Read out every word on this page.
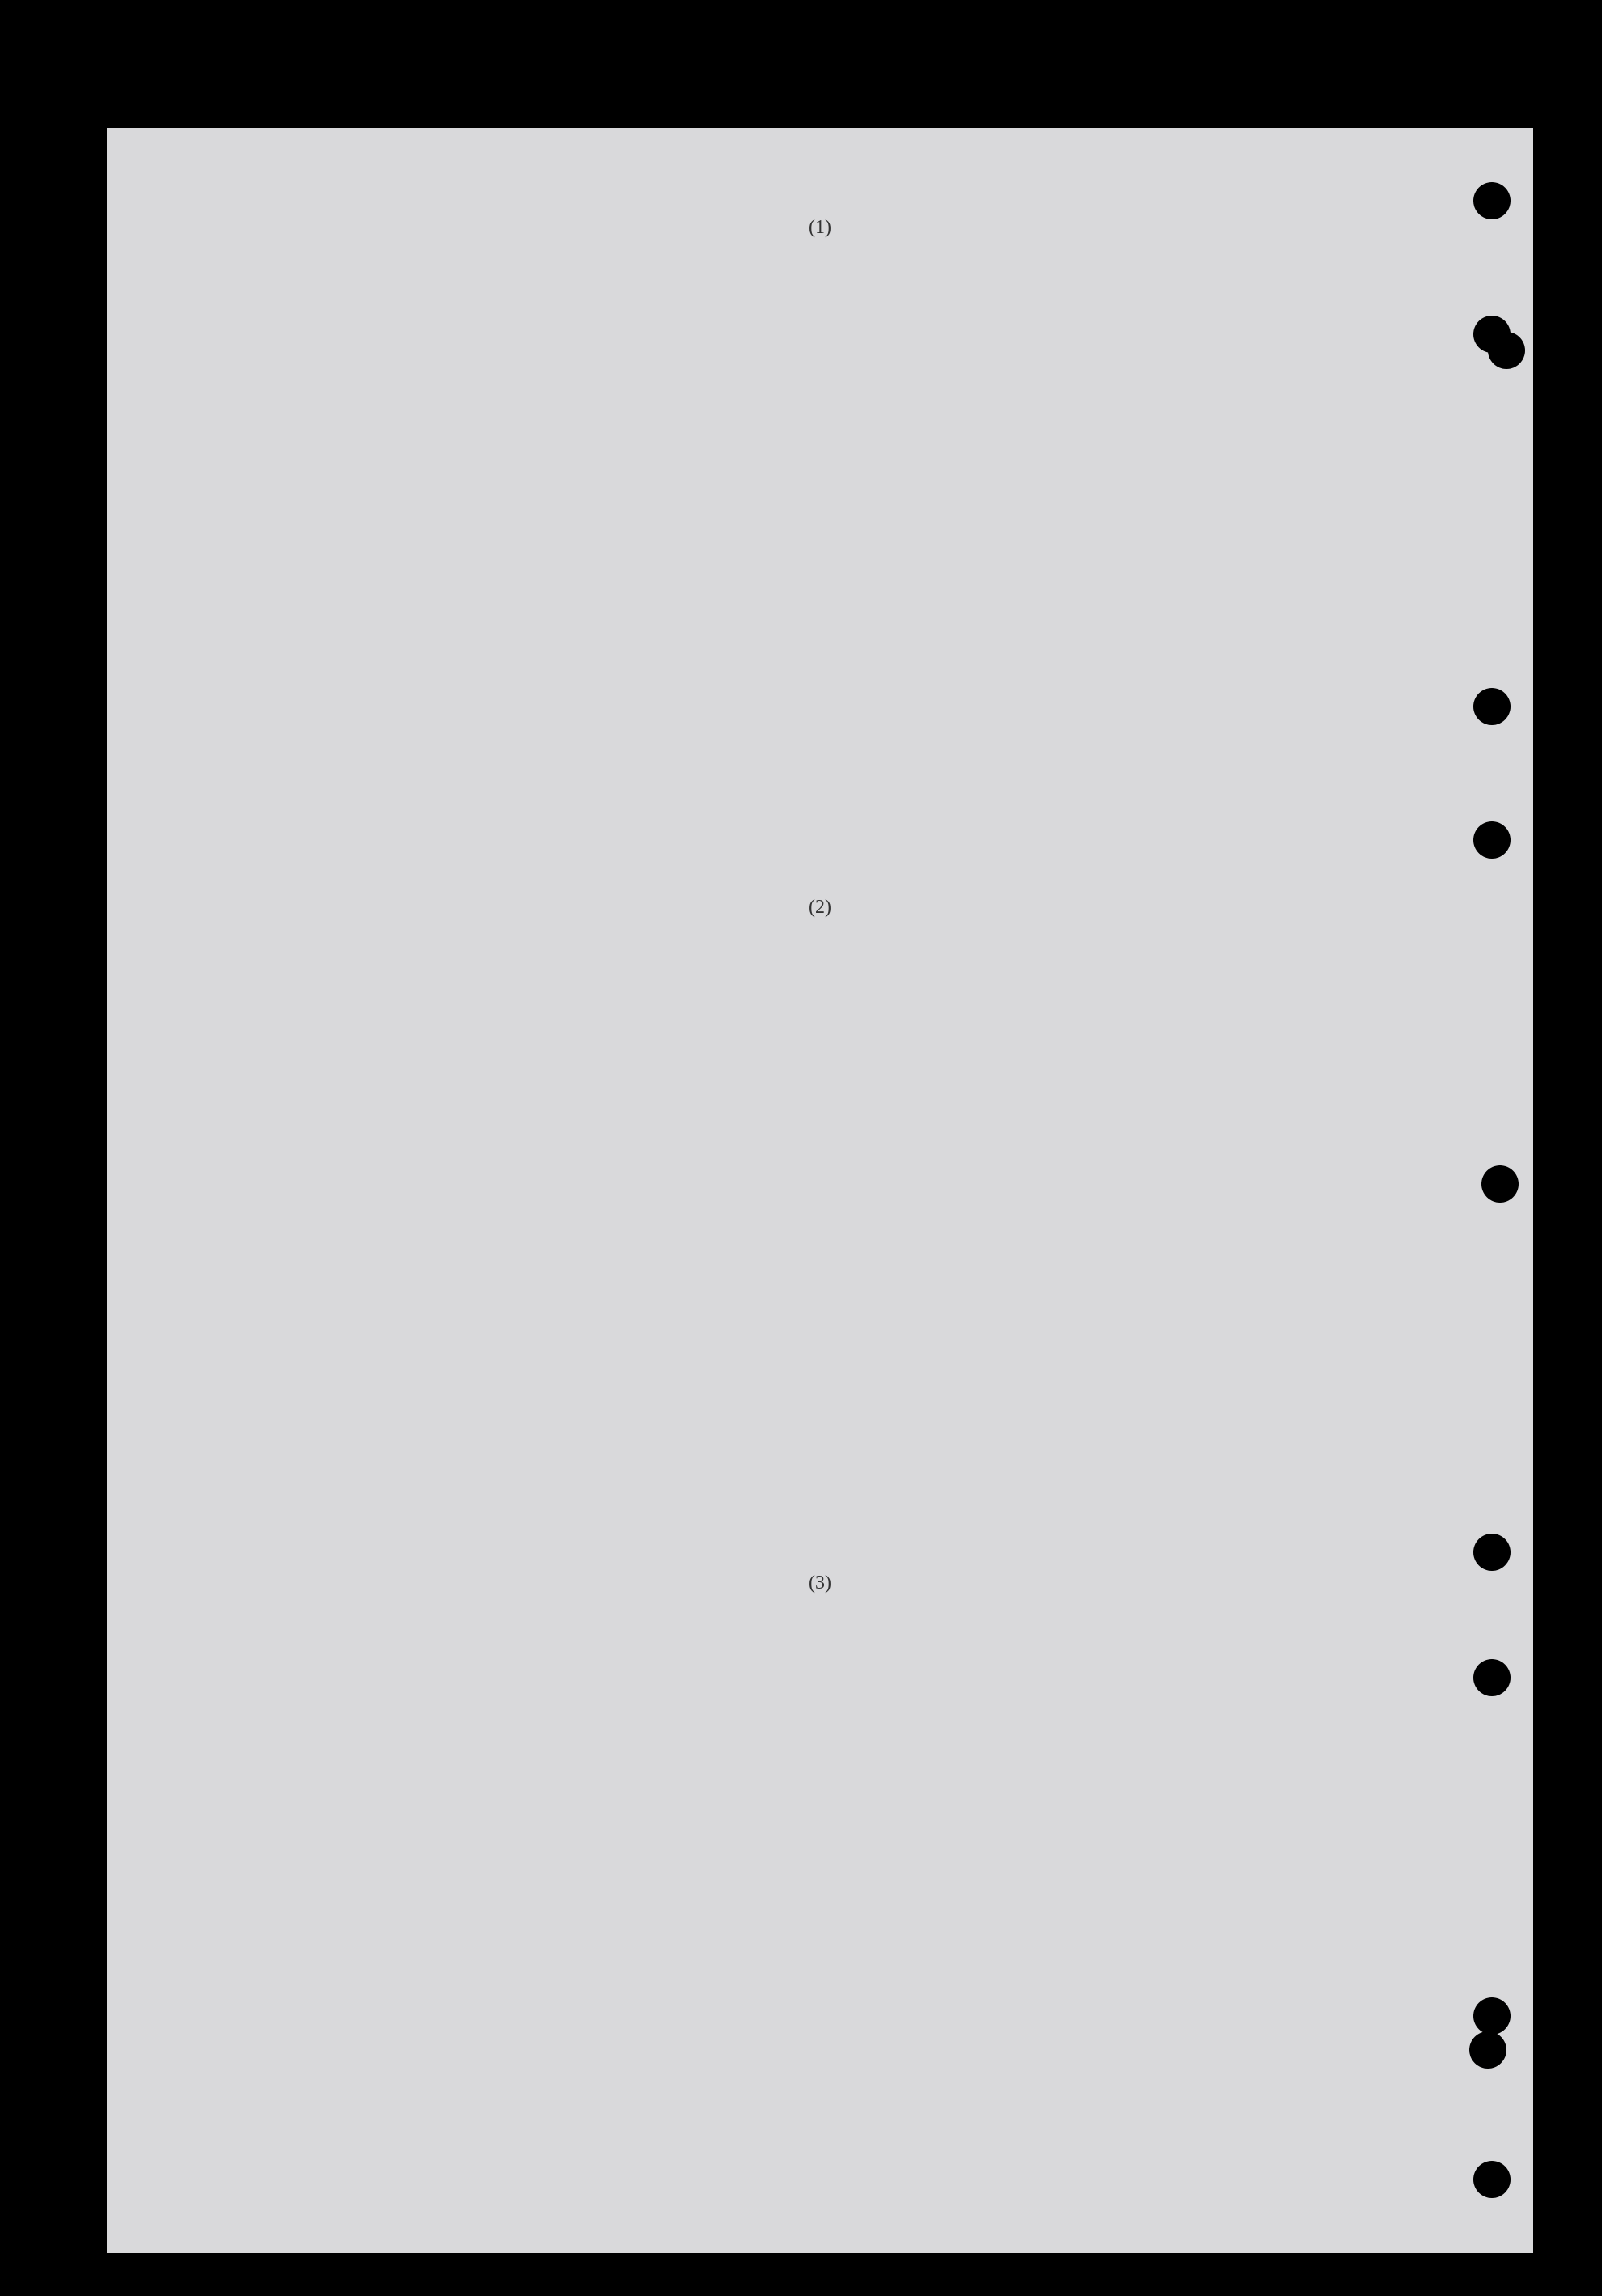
(1)

(2)

(3)
